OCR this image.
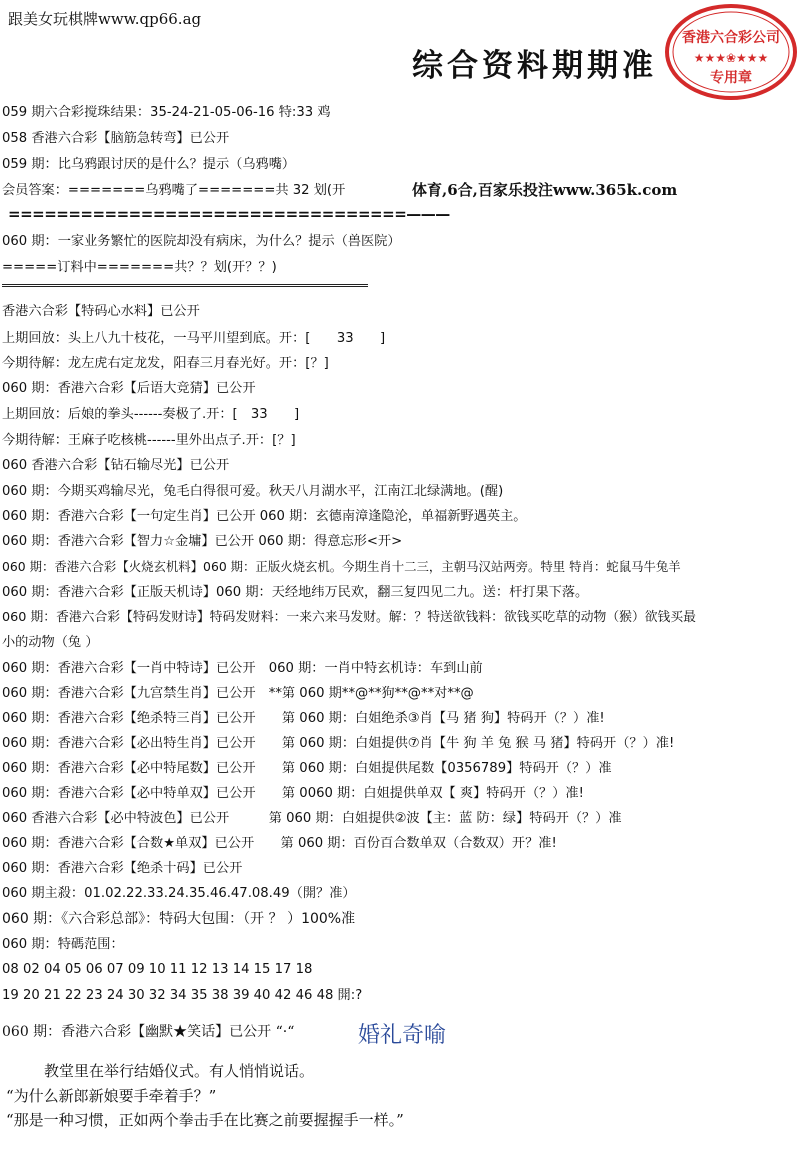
跟美女玩棋牌www.qp66.ag
综合资料期期准
香港六合彩公司
★★★❀★★★
专用章
059 期六合彩搅珠结果：35-24-21-05-06-16 特:33 鸡
058 香港六合彩【脑筋急转弯】已公开
059 期：比乌鸦跟讨厌的是什么？提示（乌鸦嘴）
会员答案：=======乌鸦嘴了=======共 32 划(开	体育,6合,百家乐投注www.365k.com
=================================———
060 期：一家业务繁忙的医院却没有病床，为什么？提示（兽医院）
=====订料中=======共？？划(开？？)
香港六合彩【特码心水料】已公开
上期回放：头上八九十枝花，一马平川望到底。开：[　　33　　]
今期待解：龙左虎右定龙发，阳春三月春光好。开：[？]
060 期：香港六合彩【后语大竞猜】已公开
上期回放：后娘的拳头------奏极了.开：[　33　　]
今期待解：王麻子吃核桃------里外出点子.开：[？]
060 香港六合彩【钻石输尽光】已公开
060 期：今期买鸡输尽光，兔毛白得很可爱。秋天八月湖水平，江南江北绿满地。(醒)
060 期：香港六合彩【一句定生肖】已公开 060 期：玄德南漳逢隐沦，单福新野遇英主。
060 期：香港六合彩【智力☆金墉】已公开 060 期：得意忘形<开>
060 期：香港六合彩【火烧玄机料】060 期：正版火烧玄机。今期生肖十二三，主朝马汉站两旁。特里 特肖：蛇鼠马牛兔羊
060 期：香港六合彩【正版天机诗】060 期：天经地纬万民欢，翻三复四见二九。送：杆打果下落。
060 期：香港六合彩【特码发财诗】特码发财料：一来六来马发财。解：？特送欲钱料：欲钱买吃草的动物（猴）欲钱买最
小的动物（兔 ）
060 期：香港六合彩【一肖中特诗】已公开　060 期：一肖中特玄机诗：车到山前
060 期：香港六合彩【九宫禁生肖】已公开　**第 060 期**@**狗**@**对**@
060 期：香港六合彩【绝杀特三肖】已公开　　第 060 期：白姐绝杀③肖【马 猪 狗】特码开（？）准!
060 期：香港六合彩【必出特生肖】已公开　　第 060 期：白姐提供⑦肖【牛 狗 羊 兔 猴 马 猪】特码开（？）准!
060 期：香港六合彩【必中特尾数】已公开　　第 060 期：白姐提供尾数【0356789】特码开（？）准
060 期：香港六合彩【必中特单双】已公开　　第 0060 期：白姐提供单双【 爽】特码开（？）准!
060 香港六合彩【必中特波色】已公开　　　第 060 期：白姐提供②波【主：蓝 防：绿】特码开（？）准
060 期：香港六合彩【合数★单双】已公开　　第 060 期：百份百合数单双（合数双）开？准!
060 期：香港六合彩【绝杀十码】已公开
060 期主殺：01.02.22.33.24.35.46.47.08.49（開？准）
060 期：《六合彩总部》：特码大包围：（开 ？ ）100%准
060 期：特碼范围：
08 02 04 05 06 07 09 10 11 12 13 14 15 17 18
19 20 21 22 23 24 30 32 34 35 38 39 40 42 46 48 開:?
060 期：香港六合彩【幽默★笑话】已公开 “·“	婚礼奇喻
教堂里在举行结婚仪式。有人悄悄说话。
“为什么新郎新娘要手牵着手？”
“那是一种习惯，正如两个拳击手在比赛之前要握握手一样。”
